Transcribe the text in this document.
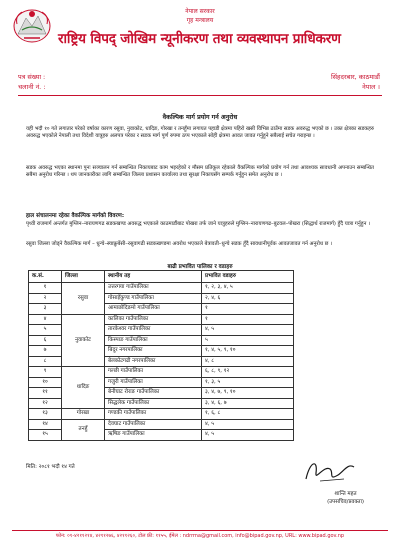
नेपाल सरकार
गृह मन्त्रालय
राष्ट्रिय विपद् जोखिम न्यूनीकरण तथा व्यवस्थापन प्राधिकरण
पत्र संख्या :
चलानी नं. :
सिंहदरबार, काठमाडौं
नेपाल ।
वैकल्पिक मार्ग प्रयोग गर्न अनुरोध
यही भदौ १० गते लगातार परेको वर्षाका कारण रसुवा, नुवाकोट, धादिङ, गोरखा र तनहुँमा लगायत पहाडी क्षेत्रमा पहिरो खसी विभिन्न ठाउँमा सडक अवरुद्ध भएको छ । उक्त क्षेत्रका सडकहरु अवरुद्ध भएकोले नेपाली तथा विदेशी यात्रुहरु अलपत्र परेका र सडक मार्ग पूर्ण रुपमा ठप्प भएकाले सोही क्षेत्रमा आवत जावत गर्नुहुने सबैलाई सचेत गराइन्छ ।
सडक अवरुद्ध भएका स्थानमा पुनः सञ्चालन गर्न सम्बन्धित निकायबाट काम भइरहेको र मौसम प्रतिकूल रहेकाले वैकल्पिक मार्गको प्रयोग गर्न तथा आवश्यक सावधानी अपनाउन सम्बन्धित सबैमा अनुरोध गरिन्छ । थप जानकारीका लागि सम्बन्धित जिल्ला प्रशासन कार्यालय तथा सुरक्षा निकायसँग सम्पर्क गर्नुहुन समेत अनुरोध छ ।
हाल संचालनमा रहेका वैकल्पिक मार्गको विवरण:
पृथ्वी राजमार्ग अन्तर्गत मुग्लिन–नारायणगढ सडकखण्ड अवरुद्ध भएकाले काठमाडौंबाट पोखरा तर्फ जाने यात्रुहरुले मुग्लिन–नारायणगढ–बुटवल–पोखरा (सिद्धार्थ राजमार्ग) हुँदै यात्रा गर्नुहुन ।
रसुवा जिल्ला जोड्ने वैकल्पिक मार्ग – धुन्चे–स्याफ्रुबेंसी–रसुवागढी सडकखण्डमा अवरोध भएकाले बेत्रावती–धुन्चे सडक हुँदै सावधानीपूर्वक आवतजावत गर्न अनुरोध छ ।
बाढी प्रभावित पालिका र वडाहरु
क.सं.	जिल्ला	स्थानीय तह	प्रभावित वडाहरु
१	रसुवा	उत्तरगया गाउँपालिका	१, २, ३, ४, ५
२		गोसाइँकुण्ड गाउँपालिका	२, ४, ६
३		आमाछोदिङमो गाउँपालिका	१
४	नुवाकोट	कालिका गाउँपालिका	१
५		तारकेश्वर गाउँपालिका	४, ५
६		किस्पाङ गाउँपालिका	५
७		बिदुर नगरपालिका	१, ४, ५, ९, १०
८		बेलकोटगढी नगरपालिका	४, ८
९	धादिङ	गल्छी गाउँपालिका	६, ८, ९, १२
१०		गजुरी गाउँपालिका	१, ३, ५
११		बेनीघाट रोराङ गाउँपालिका	३, ४, ७, ९, १०
१२		सिद्धलेक गाउँपालिका	३, ४, ६, ७
१३	गोरखा	गण्डकी गाउँपालिका	१, ६, ८
१४	तनहुँ	देवघाट गाउँपालिका	४, ५
१५		ऋषिङ गाउँपालिका	४, ५
मिति: २०८१ भदौ १४ गते
शान्ति महत
(उपसचिव/प्रवक्ता)
फोन: ०१-४२११२१४, ४२११२७६, ४२११२६०, टोल फ्री: ११५५, ईमेल : ndrrma@gmail.com, info@bipad.gov.np, URL: www.bipad.gov.np
